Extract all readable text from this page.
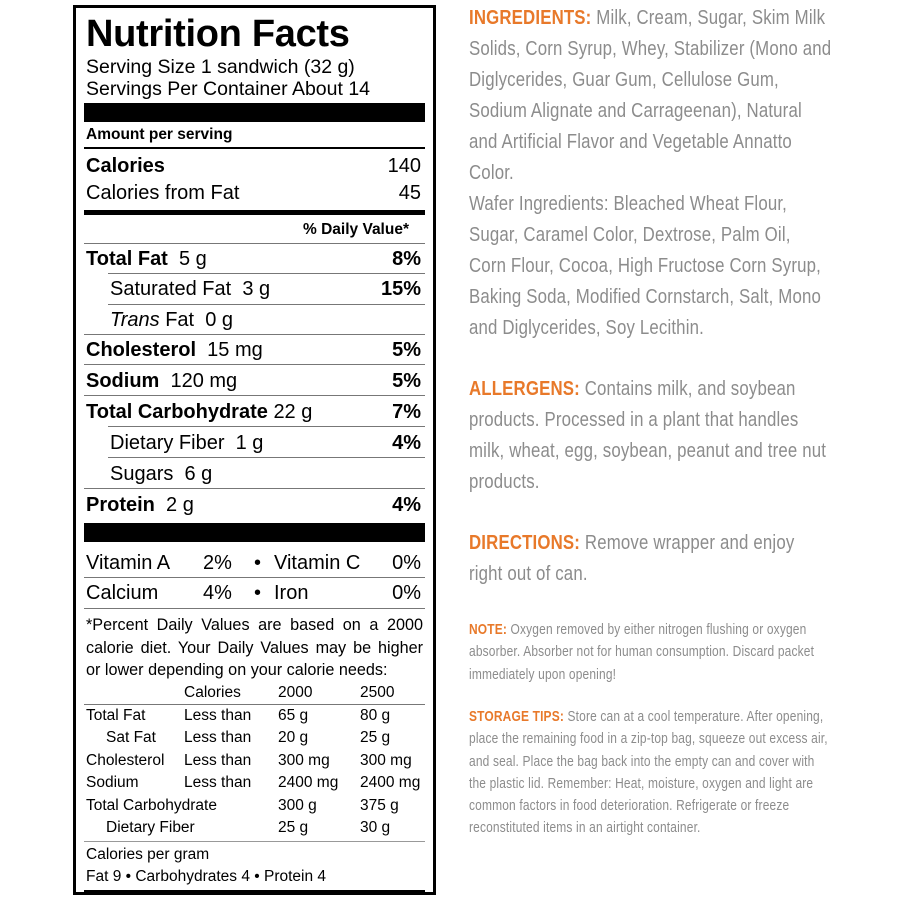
Nutrition Facts
Serving Size 1 sandwich (32 g)
Servings Per Container About 14
Amount per serving
Calories	140
Calories from Fat	45
% Daily Value*
Total Fat 5 g	8%
Saturated Fat 3 g	15%
Trans Fat 0 g
Cholesterol 15 mg	5%
Sodium 120 mg	5%
Total Carbohydrate 22 g	7%
Dietary Fiber 1 g	4%
Sugars 6 g
Protein 2 g	4%
Vitamin A 2% • Vitamin C 0%
Calcium 4% • Iron	0%
*Percent Daily Values are based on a 2000
calorie diet. Your Daily Values may be higher
or lower depending on your calorie needs:
Calories 2000	2500
Total Fat Less than 65 g	80 g
Sat Fat Less than 20 g	25 g
Cholesterol Less than 300 mg 300 mg
Sodium	Less than 2400 mg 2400 mg
Total Carbohydrate	300 g	375 g
Dietary Fiber	25 g	30 g
Calories per gram
Fat 9 • Carbohydrates 4 • Protein 4
INGREDIENTS: Milk, Cream, Sugar, Skim Milk Solids, Corn Syrup, Whey, Stabilizer (Mono and Diglycerides, Guar Gum, Cellulose Gum, Sodium Alignate and Carrageenan), Natural and Artificial Flavor and Vegetable Annatto Color.
Wafer Ingredients: Bleached Wheat Flour, Sugar, Caramel Color, Dextrose, Palm Oil, Corn Flour, Cocoa, High Fructose Corn Syrup, Baking Soda, Modified Cornstarch, Salt, Mono and Diglycerides, Soy Lecithin.
ALLERGENS: Contains milk, and soybean products. Processed in a plant that handles milk, wheat, egg, soybean, peanut and tree nut products.
DIRECTIONS: Remove wrapper and enjoy right out of can.
NOTE: Oxygen removed by either nitrogen flushing or oxygen absorber. Absorber not for human consumption. Discard packet immediately upon opening!
STORAGE TIPS: Store can at a cool temperature. After opening, place the remaining food in a zip-top bag, squeeze out excess air, and seal. Place the bag back into the empty can and cover with the plastic lid. Remember: Heat, moisture, oxygen and light are common factors in food deterioration. Refrigerate or freeze reconstituted items in an airtight container.
